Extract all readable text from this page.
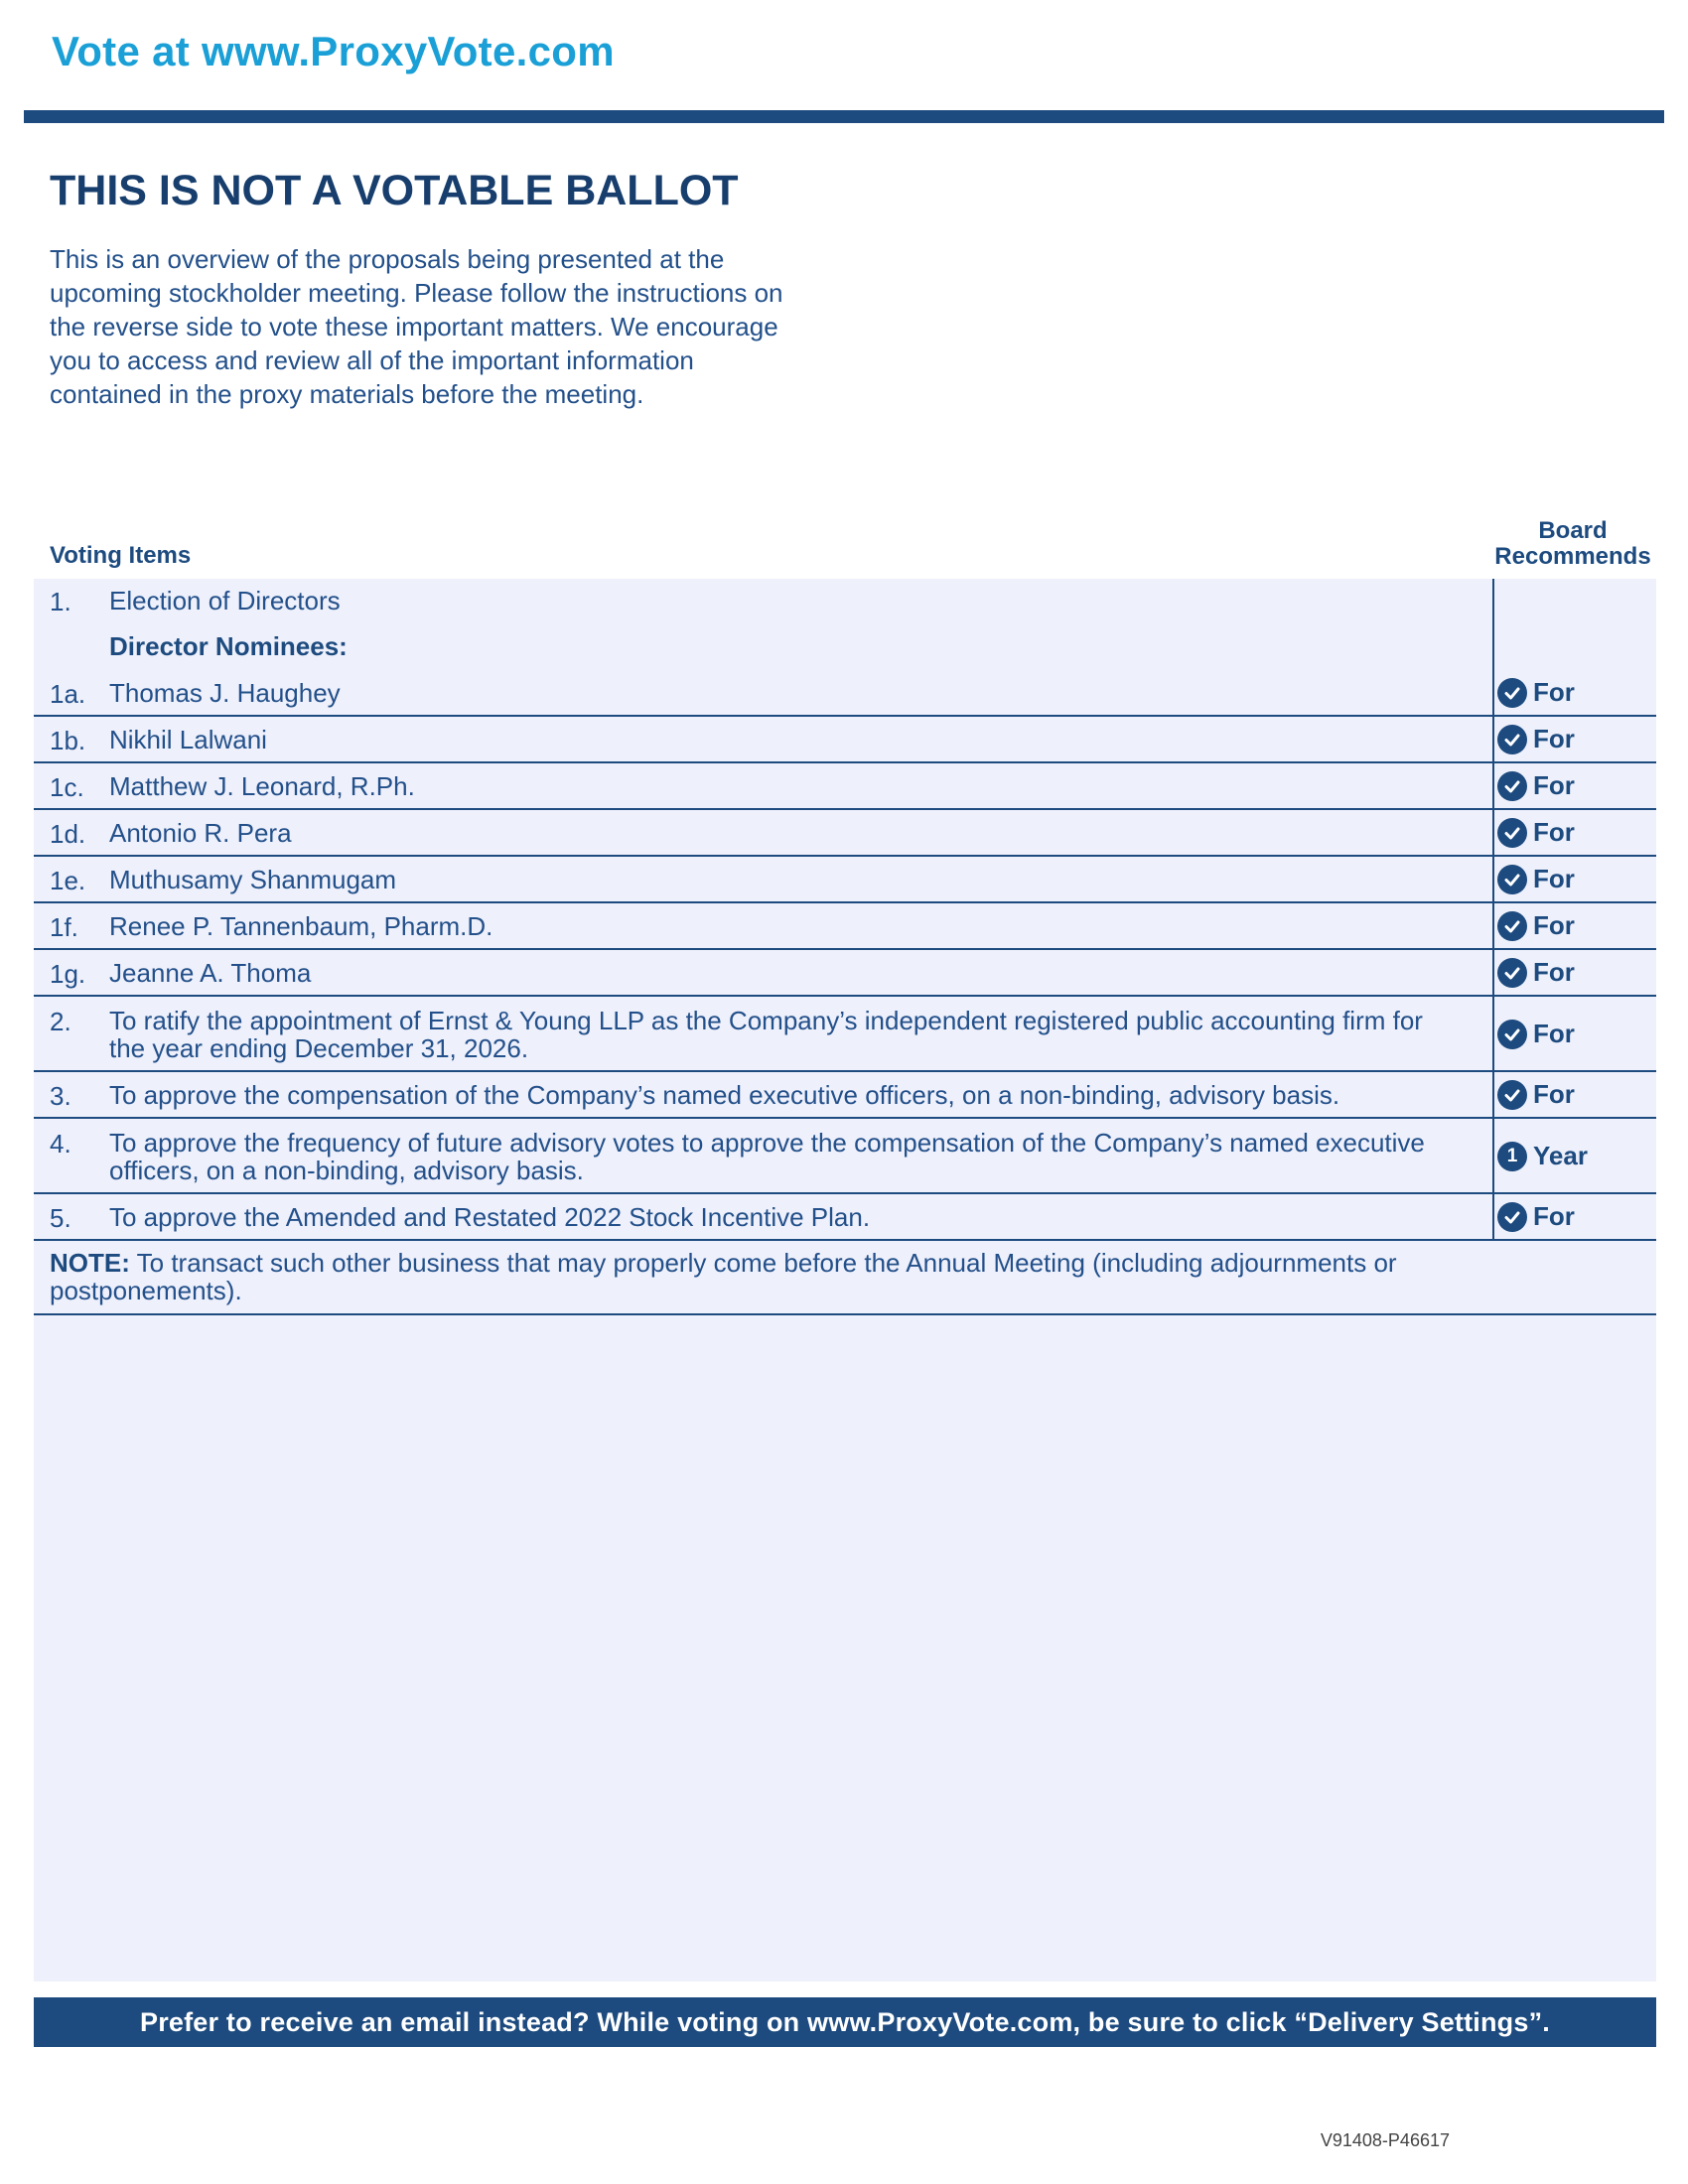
Vote at www.ProxyVote.com
THIS IS NOT A VOTABLE BALLOT
This is an overview of the proposals being presented at the
upcoming stockholder meeting. Please follow the instructions on
the reverse side to vote these important matters. We encourage
you to access and review all of the important information
contained in the proxy materials before the meeting.
Voting Items
Board
Recommends
1. Election of Directors
Director Nominees:
1a. Thomas J. Haughey	For
1b. Nikhil Lalwani	For
1c. Matthew J. Leonard, R.Ph.	For
1d. Antonio R. Pera	For
1e. Muthusamy Shanmugam	For
1f. Renee P. Tannenbaum, Pharm.D.	For
1g. Jeanne A. Thoma	For
2. To ratify the appointment of Ernst & Young LLP as the Company’s independent registered public accounting firm for
the year ending December 31, 2026.	For
3. To approve the compensation of the Company’s named executive officers, on a non-binding, advisory basis.	For
4. To approve the frequency of future advisory votes to approve the compensation of the Company’s named executive
officers, on a non-binding, advisory basis.	1 Year
5. To approve the Amended and Restated 2022 Stock Incentive Plan.	For
NOTE: To transact such other business that may properly come before the Annual Meeting (including adjournments or
postponements).
Prefer to receive an email instead? While voting on www.ProxyVote.com, be sure to click “Delivery Settings”.
V91408-P46617
